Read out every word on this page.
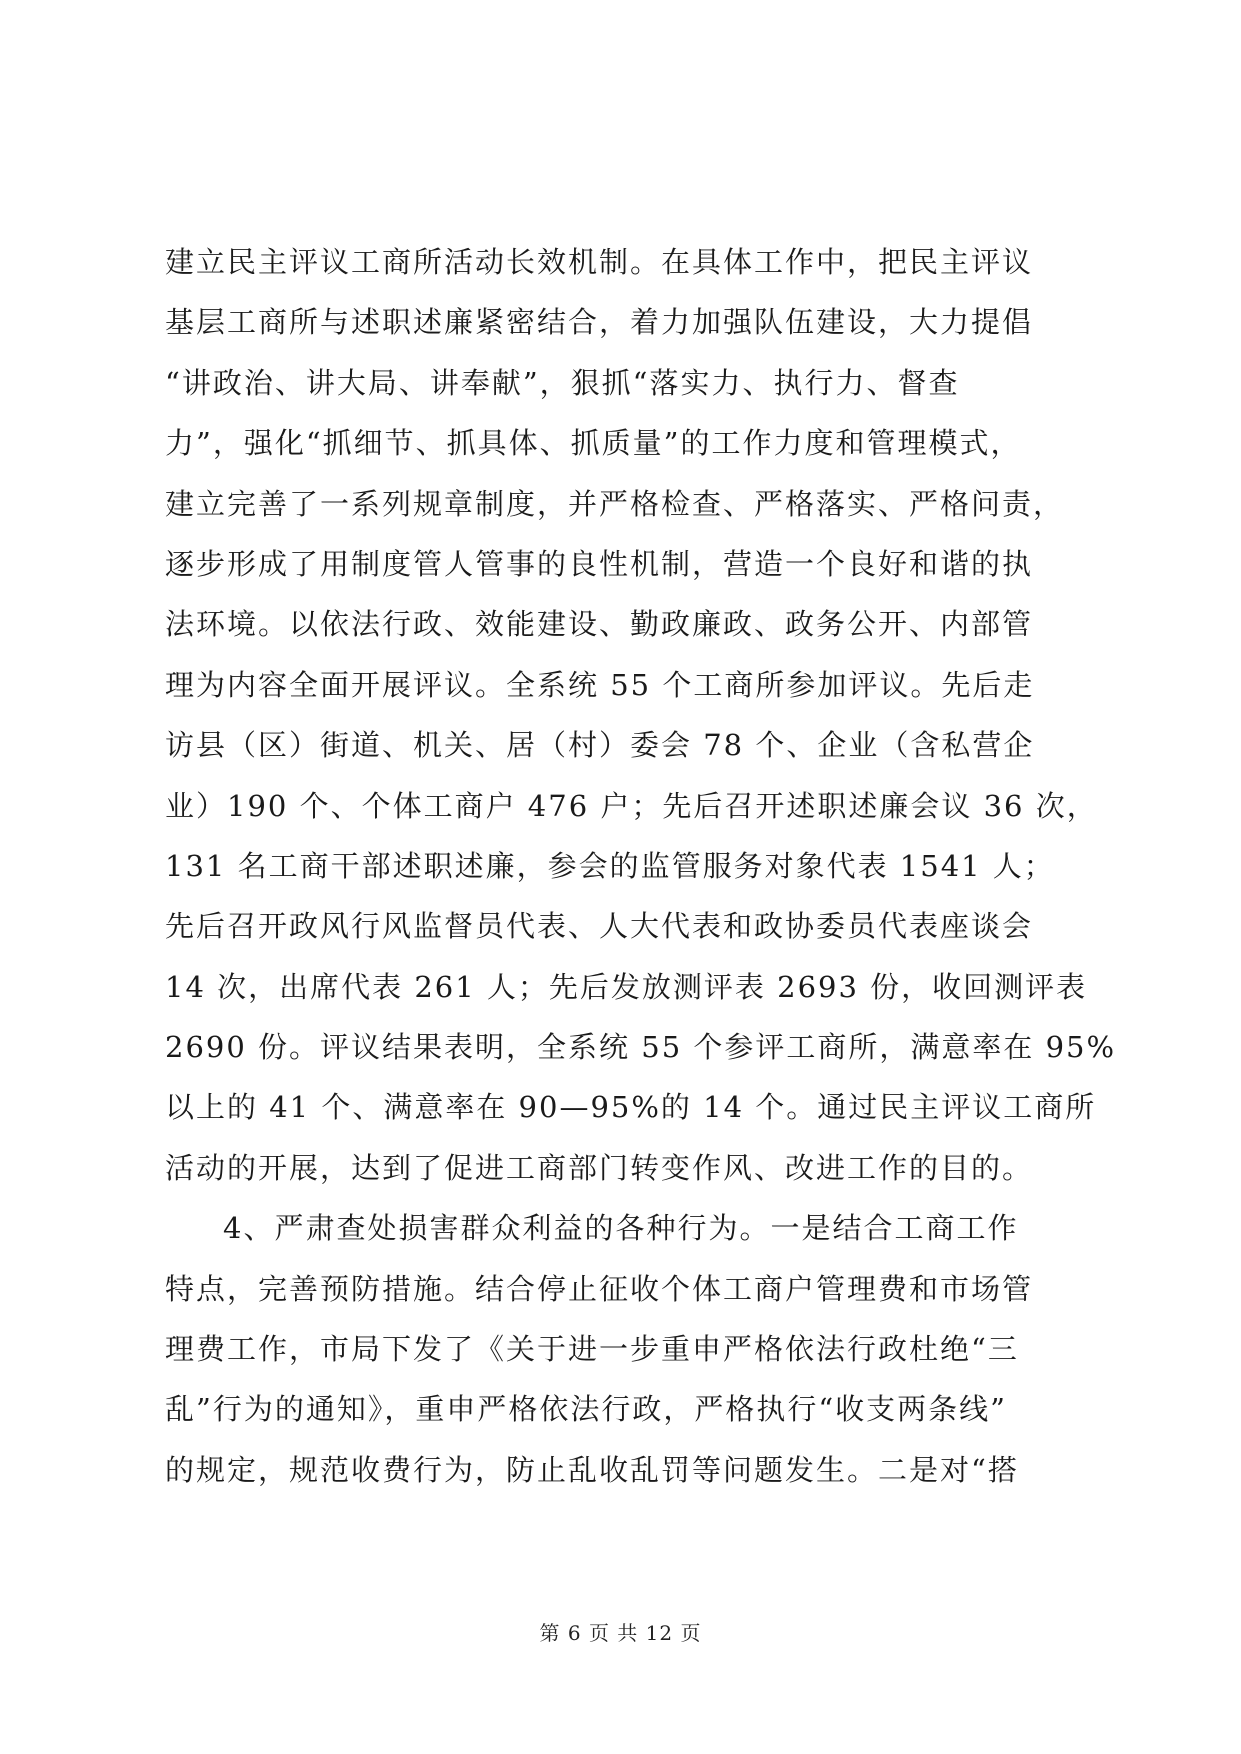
建立民主评议工商所活动长效机制。在具体工作中，把民主评议
基层工商所与述职述廉紧密结合，着力加强队伍建设，大力提倡
“讲政治、讲大局、讲奉献”，狠抓“落实力、执行力、督查
力”，强化“抓细节、抓具体、抓质量”的工作力度和管理模式，
建立完善了一系列规章制度，并严格检查、严格落实、严格问责，
逐步形成了用制度管人管事的良性机制，营造一个良好和谐的执
法环境。以依法行政、效能建设、勤政廉政、政务公开、内部管
理为内容全面开展评议。全系统 55 个工商所参加评议。先后走
访县（区）街道、机关、居（村）委会 78 个、企业（含私营企
业）190 个、个体工商户 476 户；先后召开述职述廉会议 36 次，
131 名工商干部述职述廉，参会的监管服务对象代表 1541 人；
先后召开政风行风监督员代表、人大代表和政协委员代表座谈会
14 次，出席代表 261 人；先后发放测评表 2693 份，收回测评表
2690 份。评议结果表明，全系统 55 个参评工商所，满意率在 95%
以上的 41 个、满意率在 90—95%的 14 个。通过民主评议工商所
活动的开展，达到了促进工商部门转变作风、改进工作的目的。
4、严肃查处损害群众利益的各种行为。一是结合工商工作
特点，完善预防措施。结合停止征收个体工商户管理费和市场管
理费工作，市局下发了《关于进一步重申严格依法行政杜绝“三
乱”行为的通知》，重申严格依法行政，严格执行“收支两条线”
的规定，规范收费行为，防止乱收乱罚等问题发生。二是对“搭
第 6 页 共 12 页
